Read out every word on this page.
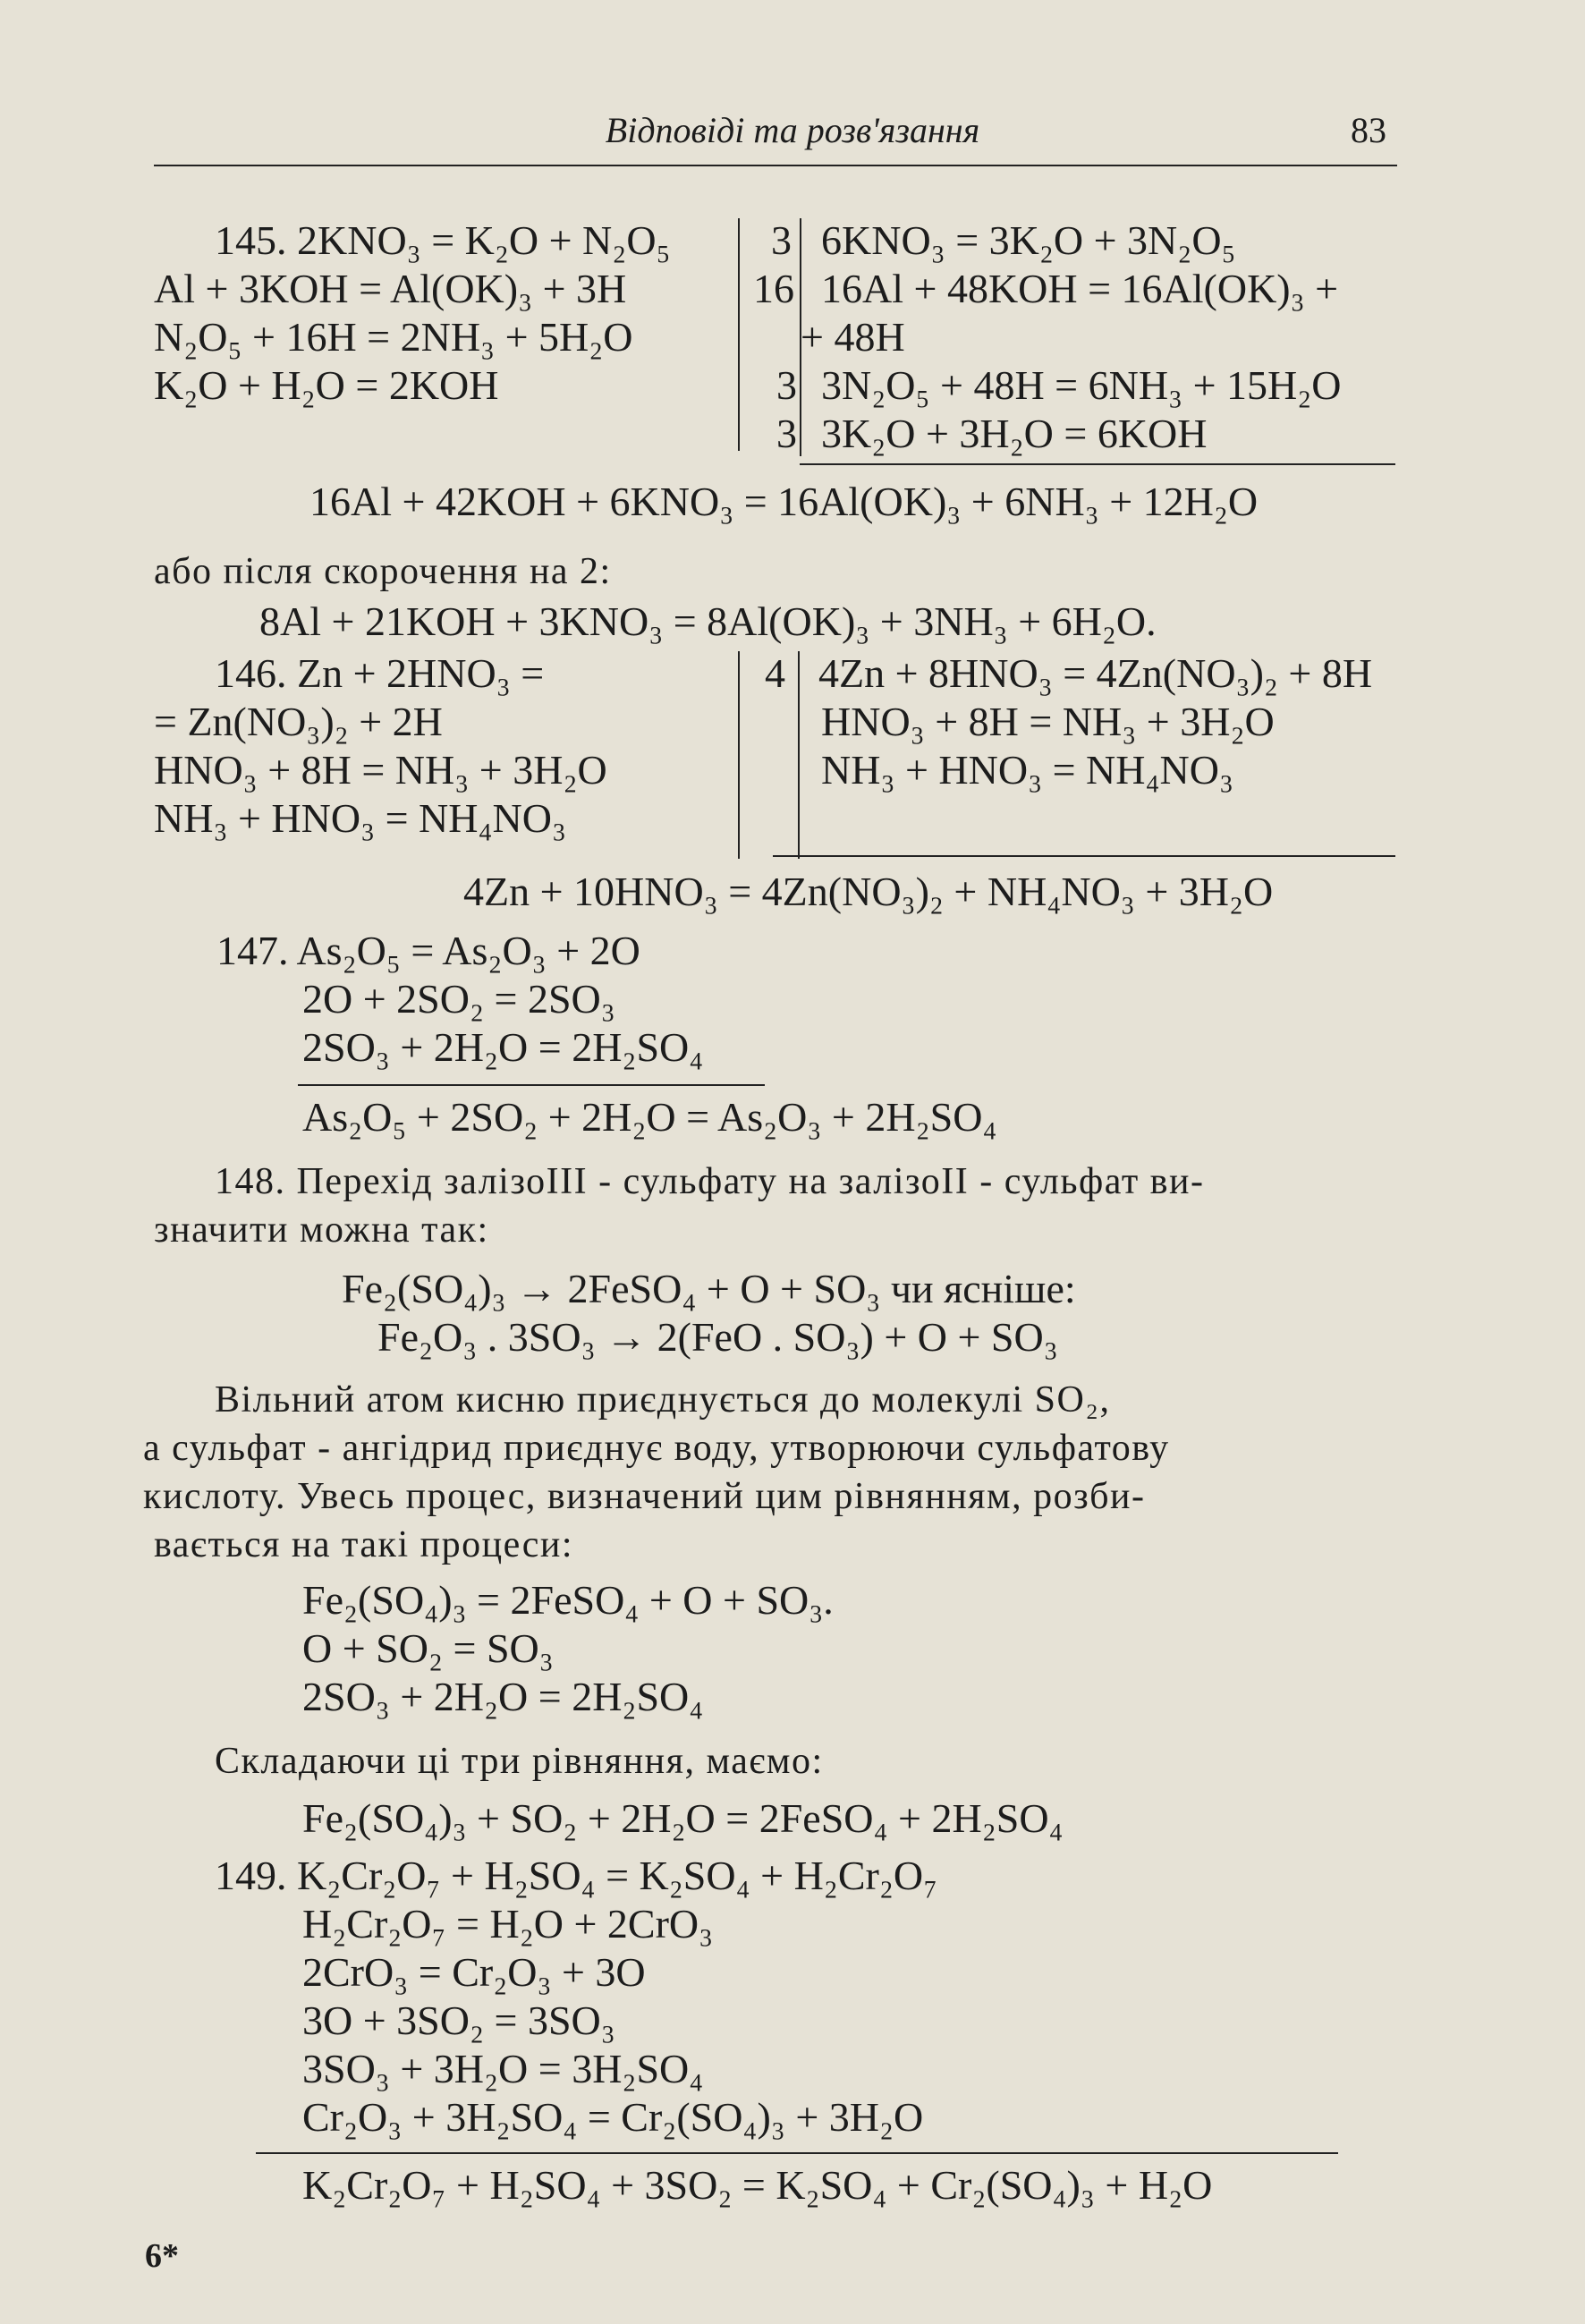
Відповіді та розв'язання	83
145. 2KNO₃ = K₂O + N₂O₅
Al + 3KOH = Al(OK)₃ + 3H
N₂O₅ + 16H = 2NH₃ + 5H₂O
K₂O + H₂O = 2KOH
3
16
3
3
6KNO₃ = 3K₂O + 3N₂O₅
16Al + 48KOH = 16Al(OK)₃ +
+ 48H
3N₂O₅ + 48H = 6NH₃ + 15H₂O
3K₂O + 3H₂O = 6KOH
16Al + 42KOH + 6KNO₃ = 16Al(OK)₃ + 6NH₃ + 12H₂O
або після скорочення на 2:
8Al + 21KOH + 3KNO₃ = 8Al(OK)₃ + 3NH₃ + 6H₂O.
146. Zn + 2HNO₃ =
= Zn(NO₃)₂ + 2H
HNO₃ + 8H = NH₃ + 3H₂O
NH₃ + HNO₃ = NH₄NO₃
4 4Zn + 8HNO₃ = 4Zn(NO₃)₂ + 8H
HNO₃ + 8H = NH₃ + 3H₂O
NH₃ + HNO₃ = NH₄NO₃
4Zn + 10HNO₃ = 4Zn(NO₃)₂ + NH₄NO₃ + 3H₂O
147. As₂O₅ = As₂O₃ + 2O
2O + 2SO₂ = 2SO₃
2SO₃ + 2H₂O = 2H₂SO₄
As₂O₅ + 2SO₂ + 2H₂O = As₂O₃ + 2H₂SO₄
148. Перехід залізоIII - сульфату на залізоII - сульфат ви-
значити можна так:
Fe₂(SO₄)₃ → 2FeSO₄ + O + SO₃ чи ясніше:
Fe₂O₃ . 3SO₃ → 2(FeO . SO₃) + O + SO₃
Вільний атом кисню приєднується до молекулі SO₂,
а сульфат - ангідрид приєднує воду, утворюючи сульфатову
кислоту. Увесь процес, визначений цим рівнянням, розби-
вається на такі процеси:
Fe₂(SO₄)₃ = 2FeSO₄ + O + SO₃.
O + SO₂ = SO₃
2SO₃ + 2H₂O = 2H₂SO₄
Складаючи ці три рівняння, маємо:
Fe₂(SO₄)₃ + SO₂ + 2H₂O = 2FeSO₄ + 2H₂SO₄
149. K₂Cr₂O₇ + H₂SO₄ = K₂SO₄ + H₂Cr₂O₇
H₂Cr₂O₇ = H₂O + 2CrO₃
2CrO₃ = Cr₂O₃ + 3O
3O + 3SO₂ = 3SO₃
3SO₃ + 3H₂O = 3H₂SO₄
Cr₂O₃ + 3H₂SO₄ = Cr₂(SO₄)₃ + 3H₂O
K₂Cr₂O₇ + H₂SO₄ + 3SO₂ = K₂SO₄ + Cr₂(SO₄)₃ + H₂O
6*
